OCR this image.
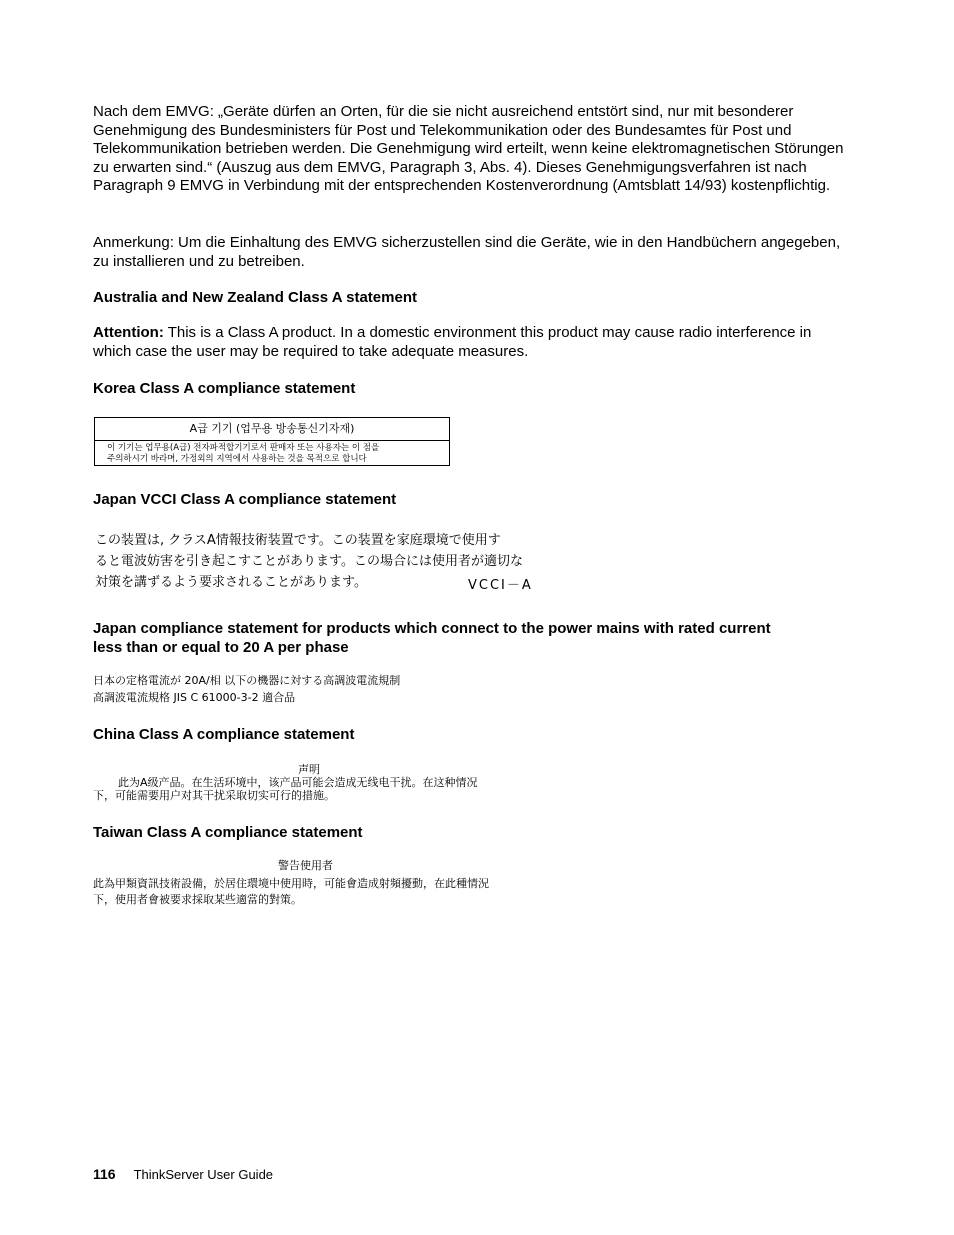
Nach dem EMVG: „Geräte dürfen an Orten, für die sie nicht ausreichend entstört sind, nur mit besonderer Genehmigung des Bundesministers für Post und Telekommunikation oder des Bundesamtes für Post und Telekommunikation betrieben werden. Die Genehmigung wird erteilt, wenn keine elektromagnetischen Störungen zu erwarten sind.“ (Auszug aus dem EMVG, Paragraph 3, Abs. 4). Dieses Genehmigungsverfahren ist nach Paragraph 9 EMVG in Verbindung mit der entsprechenden Kostenverordnung (Amtsblatt 14/93) kostenpflichtig.
Anmerkung: Um die Einhaltung des EMVG sicherzustellen sind die Geräte, wie in den Handbüchern angegeben, zu installieren und zu betreiben.
Australia and New Zealand Class A statement
Attention: This is a Class A product. In a domestic environment this product may cause radio interference in which case the user may be required to take adequate measures.
Korea Class A compliance statement
A급 기기 (업무용 방송통신기자재)
이 기기는 업무용(A급) 전자파적합기기로서 판매자 또는 사용자는 이 점을
주의하시기 바라며, 가정외의 지역에서 사용하는 것을 목적으로 합니다
Japan VCCI Class A compliance statement
この装置は, クラスA情報技術装置です。この装置を家庭環境で使用す
ると電波妨害を引き起こすことがあります。この場合には使用者が適切な
対策を講ずるよう要求されることがあります。	VCCI－A
Japan compliance statement for products which connect to the power mains with rated current
less than or equal to 20 A per phase
日本の定格電流が 20A/相 以下の機器に対する高調波電流規制
高調波電流規格 JIS C 61000-3-2 適合品
China Class A compliance statement
声明
此为A级产品。在生活环境中，该产品可能会造成无线电干扰。在这种情况
下，可能需要用户对其干扰采取切实可行的措施。
Taiwan Class A compliance statement
警告使用者
此為甲類資訊技術設備，於居住環境中使用時，可能會造成射頻擾動，在此種情況
下，使用者會被要求採取某些適當的對策。
116 ThinkServer User Guide
